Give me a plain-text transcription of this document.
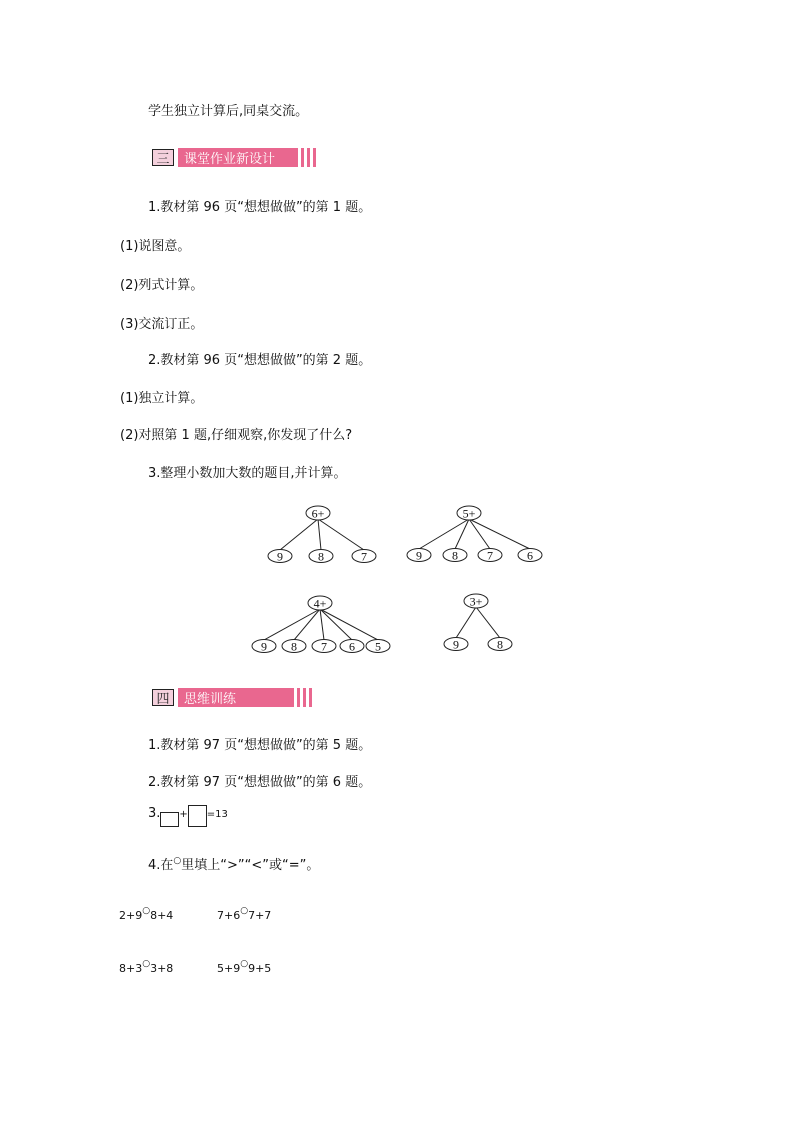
学生独立计算后,同桌交流。
三	课堂作业新设计
1.教材第 96 页“想想做做”的第 1 题。
(1)说图意。
(2)列式计算。
(3)交流订正。
2.教材第 96 页“想想做做”的第 2 题。
(1)独立计算。
(2)对照第 1 题,仔细观察,你发现了什么?
3.整理小数加大数的题目,并计算。
9	8	7
6+
9	8 7	6
5+
9 8 7 6 5
4+
9	8
3+
四	思维训练
1.教材第 97 页“想想做做”的第 5 题。
2.教材第 97 页“想想做做”的第 6 题。
3. + =13
4.在○里填上“>”“<”或“=”。
2+9○8+4	7+6○7+7
8+3○3+8	5+9○9+5
